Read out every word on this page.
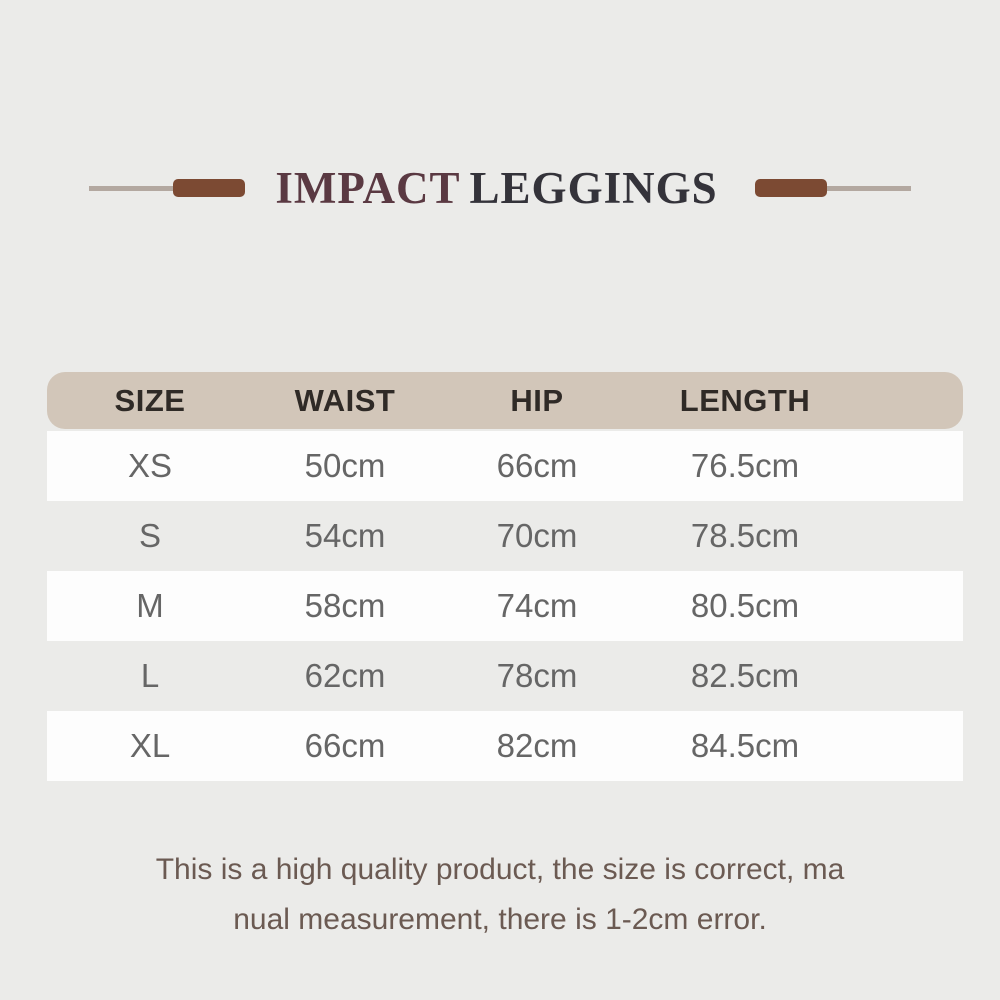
IMPACT LEGGINGS
SIZE	WAIST	HIP	LENGTH
XS	50cm	66cm	76.5cm
S	54cm	70cm	78.5cm
M	58cm	74cm	80.5cm
L	62cm	78cm	82.5cm
XL	66cm	82cm	84.5cm
This is a high quality product, the size is correct, ma
nual measurement, there is 1-2cm error.
